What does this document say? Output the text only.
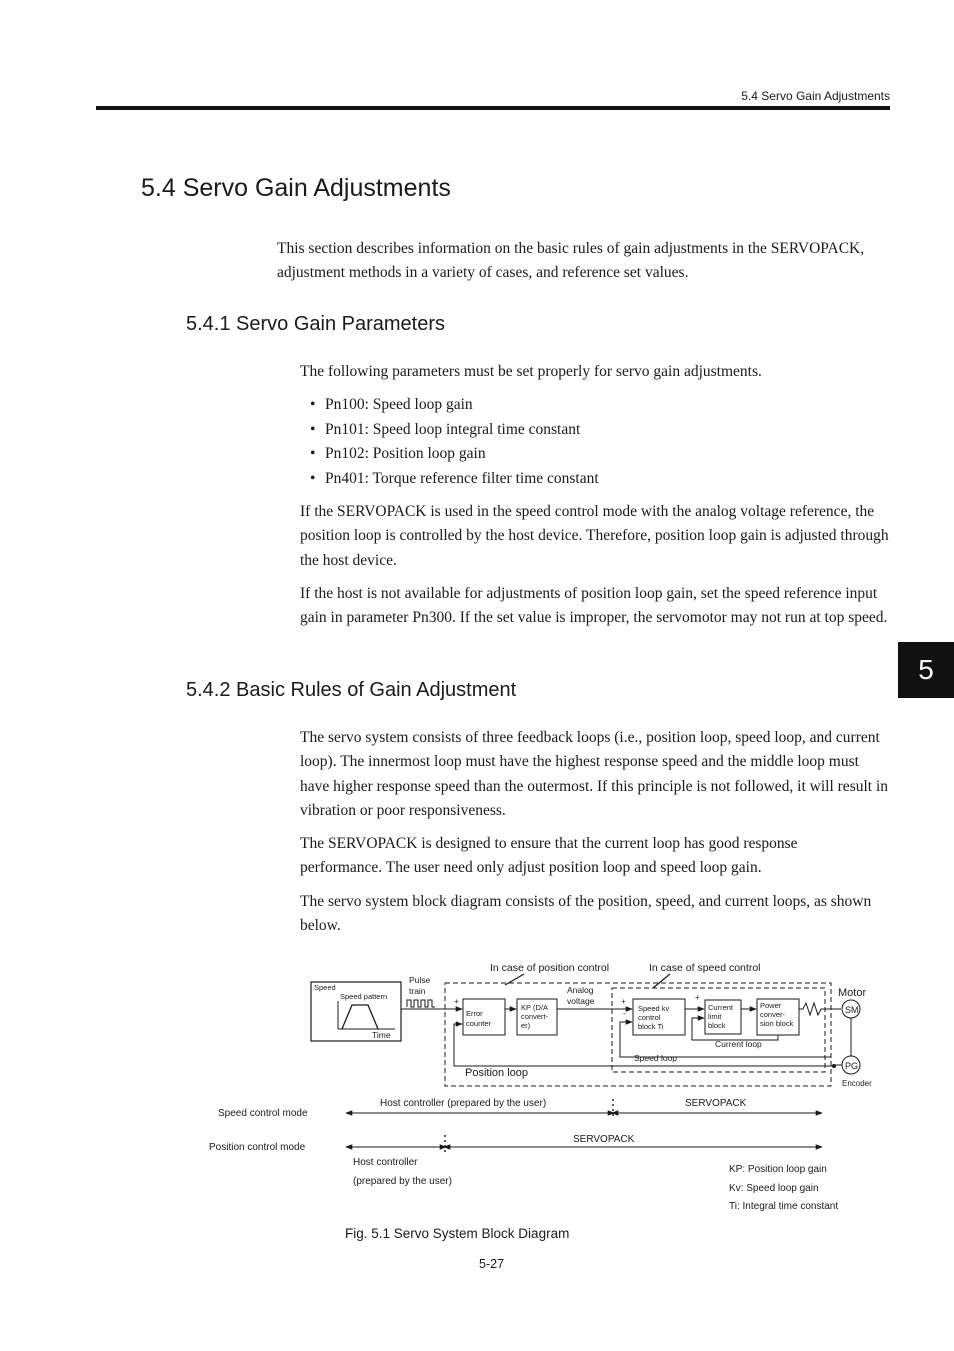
5.4 Servo Gain Adjustments
5
5.4 Servo Gain Adjustments

This section describes information on the basic rules of gain adjustments in the SERVOPACK, adjustment methods in a variety of cases, and reference set values.

5.4.1 Servo Gain Parameters

The following parameters must be set properly for servo gain adjustments.

• Pn100: Speed loop gain
• Pn101: Speed loop integral time constant
• Pn102: Position loop gain
• Pn401: Torque reference filter time constant

If the SERVOPACK is used in the speed control mode with the analog voltage reference, the position loop is controlled by the host device. Therefore, position loop gain is adjusted through the host device.

If the host is not available for adjustments of position loop gain, set the speed reference input gain in parameter Pn300. If the set value is improper, the servomotor may not run at top speed.

5.4.2 Basic Rules of Gain Adjustment

The servo system consists of three feedback loops (i.e., position loop, speed loop, and current loop). The innermost loop must have the highest response speed and the middle loop must have higher response speed than the outermost. If this principle is not followed, it will result in vibration or poor responsiveness.

The SERVOPACK is designed to ensure that the current loop has good response performance. The user need only adjust position loop and speed loop gain.

The servo system block diagram consists of the position, speed, and current loops, as shown below.

In case of position control	In case of speed control
Speed
Speed pattern
Time
Pulse
train
+
Error
counter
KP (D/A
convert-
er)
Analog
voltage	+
Speed kv
control
block Ti
+
-
Current
limit
block
Power
conver-
sion block
Motor
SM
PG
Encoder
Current loop
Speed loop
-
Position loop
Speed control mode
Host controller (prepared by the user)	SERVOPACK
Position control mode
SERVOPACK
Host controller
(prepared by the user)
KP: Position loop gain
Kv: Speed loop gain
Ti: Integral time constant
Fig. 5.1 Servo System Block Diagram
5-27
